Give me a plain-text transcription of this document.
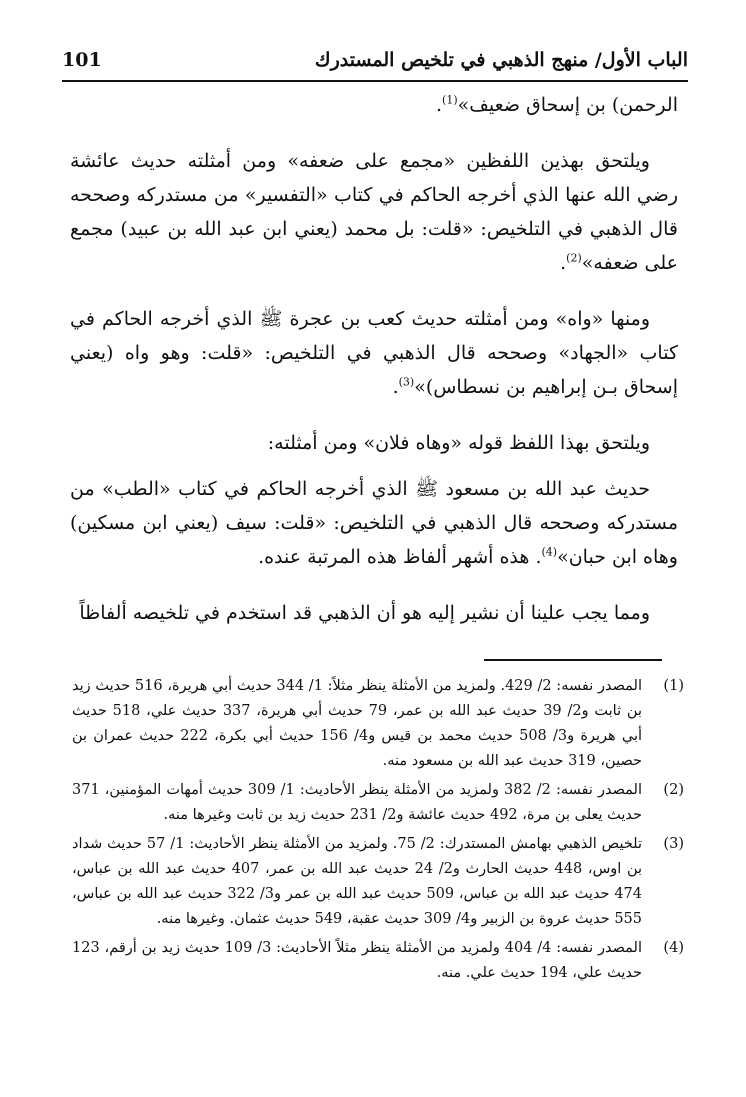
الباب الأول/ منهج الذهبي في تلخيص المستدرك
101

الرحمن) بن إسحاق ضعيف»$^{(1)}$.

ويلتحق بهذين اللفظين «مجمع على ضعفه» ومن أمثلته حديث عائشة رضي الله عنها الذي أخرجه الحاكم في كتاب «التفسير» من مستدركه وصححه قال الذهبي في التلخيص: «قلت: بل محمد (يعني ابن عبد الله بن عبيد) مجمع على ضعفه»$^{(2)}$.

ومنها «واه» ومن أمثلته حديث كعب بن عجرة ﷺ الذي أخرجه الحاكم في كتاب «الجهاد» وصححه قال الذهبي في التلخيص: «قلت: وهو واه (يعني إسحاق بـن إبراهيم بن نسطاس)»$^{(3)}$.

ويلتحق بهذا اللفظ قوله «وهاه فلان» ومن أمثلته:

حديث عبد الله بن مسعود ﷺ الذي أخرجه الحاكم في كتاب «الطب» من مستدركه وصححه قال الذهبي في التلخيص: «قلت: سيف (يعني ابن مسكين) وهاه ابن حبان»$^{(4)}$. هذه أشهر ألفاظ هذه المرتبة عنده.

ومما يجب علينا أن نشير إليه هو أن الذهبي قد استخدم في تلخيصه ألفاظاً

(1)
المصدر نفسه: 2/ 429. ولمزيد من الأمثلة ينظر مثلاً: 1/ 344 حديث أبي هريرة، 516 حديث زيد بن ثابت و2/ 39 حديث عبد الله بن عمر، 79 حديث أبي هريرة، 337 حديث علي، 518 حديث أبي هريرة و3/ 508 حديث محمد بن قيس و4/ 156 حديث أبي بكرة، 222 حديث عمران بن حصين، 319 حديث عبد الله بن مسعود منه.
(2)
المصدر نفسه: 2/ 382 ولمزيد من الأمثلة ينظر الأحاديث: 1/ 309 حديث أمهات المؤمنين، 371 حديث يعلى بن مرة، 492 حديث عائشة و2/ 231 حديث زيد بن ثابت وغيرها منه.
(3)
تلخيص الذهبي بهامش المستدرك: 2/ 75. ولمزيد من الأمثلة ينظر الأحاديث: 1/ 57 حديث شداد بن اوس، 448 حديث الحارث و2/ 24 حديث عبد الله بن عمر، 407 حديث عبد الله بن عباس، 474 حديث عبد الله بن عباس، 509 حديث عبد الله بن عمر و3/ 322 حديث عبد الله بن عباس، 555 حديث عروة بن الزبير و4/ 309 حديث عقبة، 549 حديث عثمان. وغيرها منه.
(4)
المصدر نفسه: 4/ 404 ولمزيد من الأمثلة ينظر مثلاً الأحاديث: 3/ 109 حديث زيد بن أرقم، 123 حديث علي، 194 حديث علي. منه.
